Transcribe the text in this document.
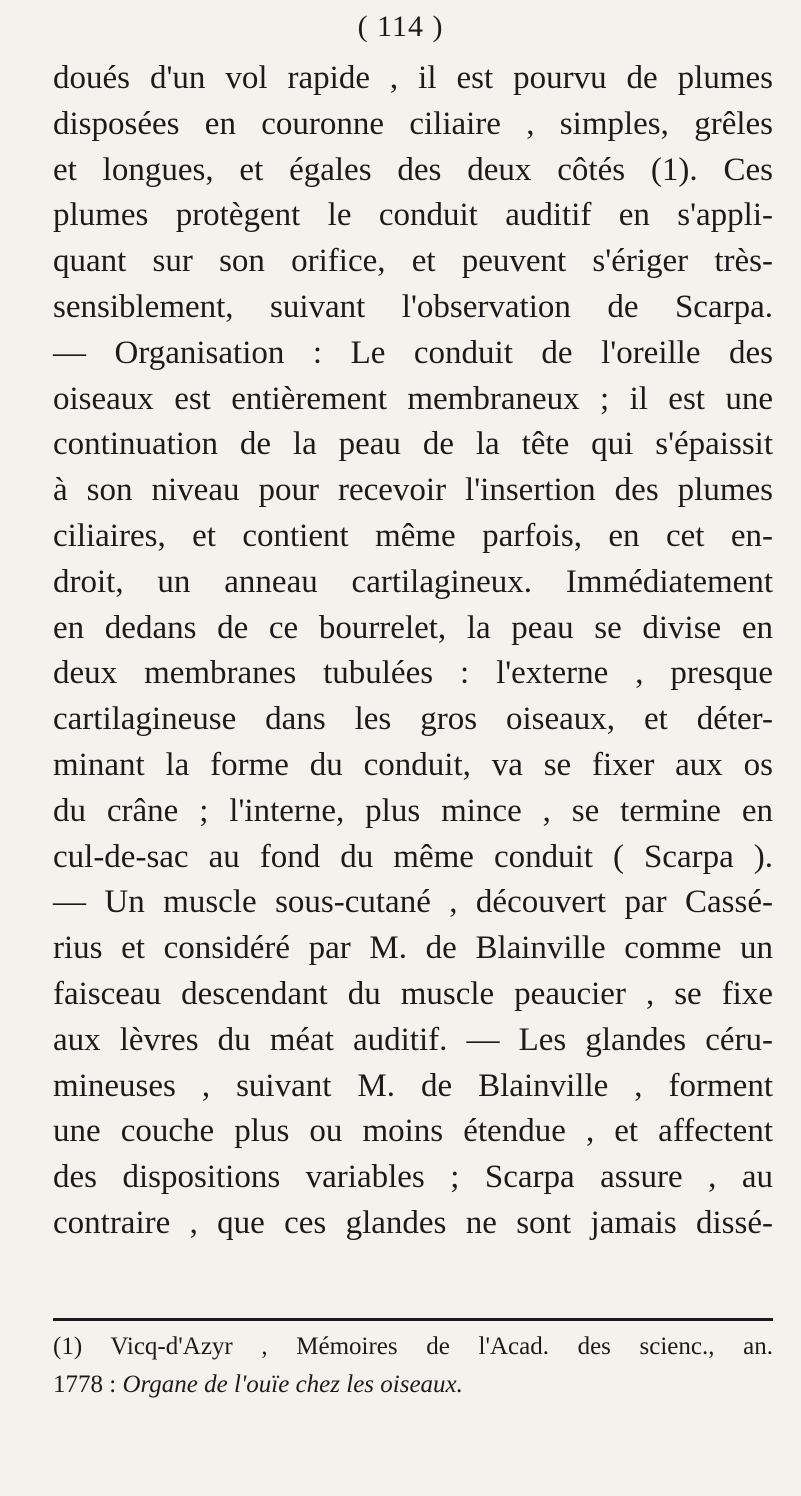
( 114 )
doués d'un vol rapide , il est pourvu de plumes
disposées en couronne ciliaire , simples, grêles
et longues, et égales des deux côtés (1). Ces
plumes protègent le conduit auditif en s'appli-
quant sur son orifice, et peuvent s'ériger très-
sensiblement, suivant l'observation de Scarpa.
— Organisation : Le conduit de l'oreille des
oiseaux est entièrement membraneux ; il est une
continuation de la peau de la tête qui s'épaissit
à son niveau pour recevoir l'insertion des plumes
ciliaires, et contient même parfois, en cet en-
droit, un anneau cartilagineux. Immédiatement
en dedans de ce bourrelet, la peau se divise en
deux membranes tubulées : l'externe , presque
cartilagineuse dans les gros oiseaux, et déter-
minant la forme du conduit, va se fixer aux os
du crâne ; l'interne, plus mince , se termine en
cul-de-sac au fond du même conduit ( Scarpa ).
— Un muscle sous-cutané , découvert par Cassé-
rius et considéré par M. de Blainville comme un
faisceau descendant du muscle peaucier , se fixe
aux lèvres du méat auditif. — Les glandes céru-
mineuses , suivant M. de Blainville , forment
une couche plus ou moins étendue , et affectent
des dispositions variables ; Scarpa assure , au
contraire , que ces glandes ne sont jamais dissé-
(1) Vicq-d'Azyr , Mémoires de l'Acad. des scienc., an.
1778 : Organe de l'ouïe chez les oiseaux.
